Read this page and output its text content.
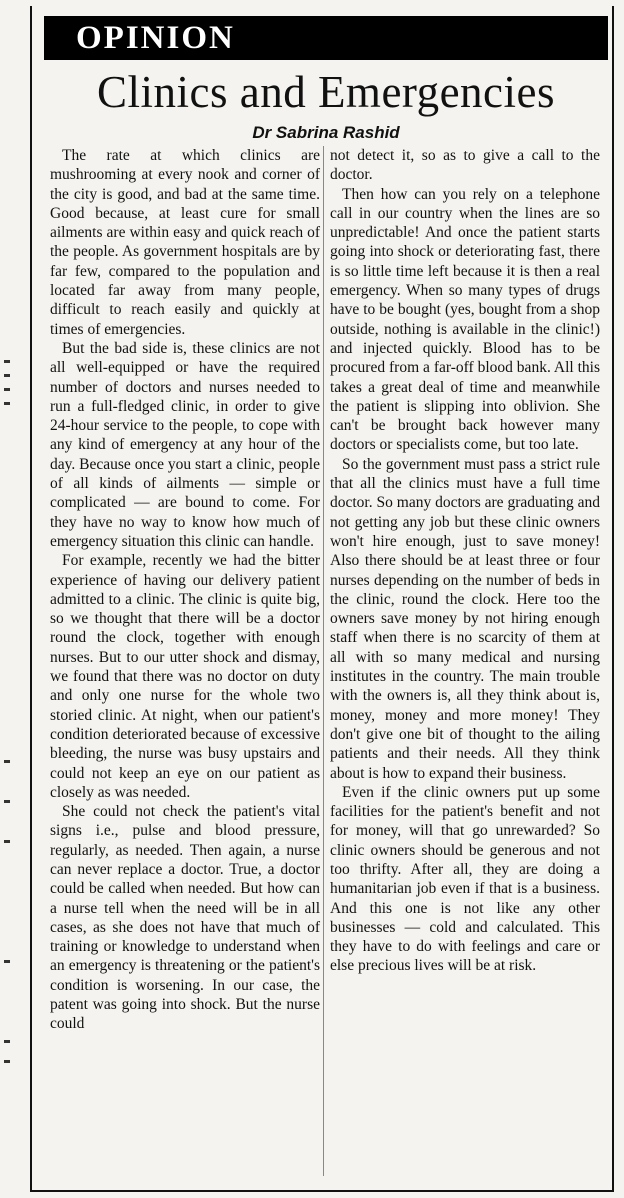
OPINION
Clinics and Emergencies
Dr Sabrina Rashid

The rate at which clinics are mushrooming at every nook and corner of the city is good, and bad at the same time. Good because, at least cure for small ailments are within easy and quick reach of the people. As government hospitals are by far few, compared to the population and located far away from many people, difficult to reach easily and quickly at times of emergencies.

But the bad side is, these clinics are not all well-equipped or have the required number of doctors and nurses needed to run a full-fledged clinic, in order to give 24-hour service to the people, to cope with any kind of emergency at any hour of the day. Because once you start a clinic, people of all kinds of ailments — simple or complicated — are bound to come. For they have no way to know how much of emergency situation this clinic can handle.

For example, recently we had the bitter experience of having our delivery patient admitted to a clinic. The clinic is quite big, so we thought that there will be a doctor round the clock, together with enough nurses. But to our utter shock and dismay, we found that there was no doctor on duty and only one nurse for the whole two storied clinic. At night, when our patient's condition deteriorated because of excessive bleeding, the nurse was busy upstairs and could not keep an eye on our patient as closely as was needed.

She could not check the patient's vital signs i.e., pulse and blood pressure, regularly, as needed. Then again, a nurse can never replace a doctor. True, a doctor could be called when needed. But how can a nurse tell when the need will be in all cases, as she does not have that much of training or knowledge to understand when an emergency is threatening or the patient's condition is worsening. In our case, the patent was going into shock. But the nurse could

not detect it, so as to give a call to the doctor.

Then how can you rely on a telephone call in our country when the lines are so unpredictable! And once the patient starts going into shock or deteriorating fast, there is so little time left because it is then a real emergency. When so many types of drugs have to be bought (yes, bought from a shop outside, nothing is available in the clinic!) and injected quickly. Blood has to be procured from a far-off blood bank. All this takes a great deal of time and meanwhile the patient is slipping into oblivion. She can't be brought back however many doctors or specialists come, but too late.

So the government must pass a strict rule that all the clinics must have a full time doctor. So many doctors are graduating and not getting any job but these clinic owners won't hire enough, just to save money! Also there should be at least three or four nurses depending on the number of beds in the clinic, round the clock. Here too the owners save money by not hiring enough staff when there is no scarcity of them at all with so many medical and nursing institutes in the country. The main trouble with the owners is, all they think about is, money, money and more money! They don't give one bit of thought to the ailing patients and their needs. All they think about is how to expand their business.

Even if the clinic owners put up some facilities for the patient's benefit and not for money, will that go unrewarded? So clinic owners should be generous and not too thrifty. After all, they are doing a humanitarian job even if that is a business. And this one is not like any other businesses — cold and calculated. This they have to do with feelings and care or else precious lives will be at risk.
